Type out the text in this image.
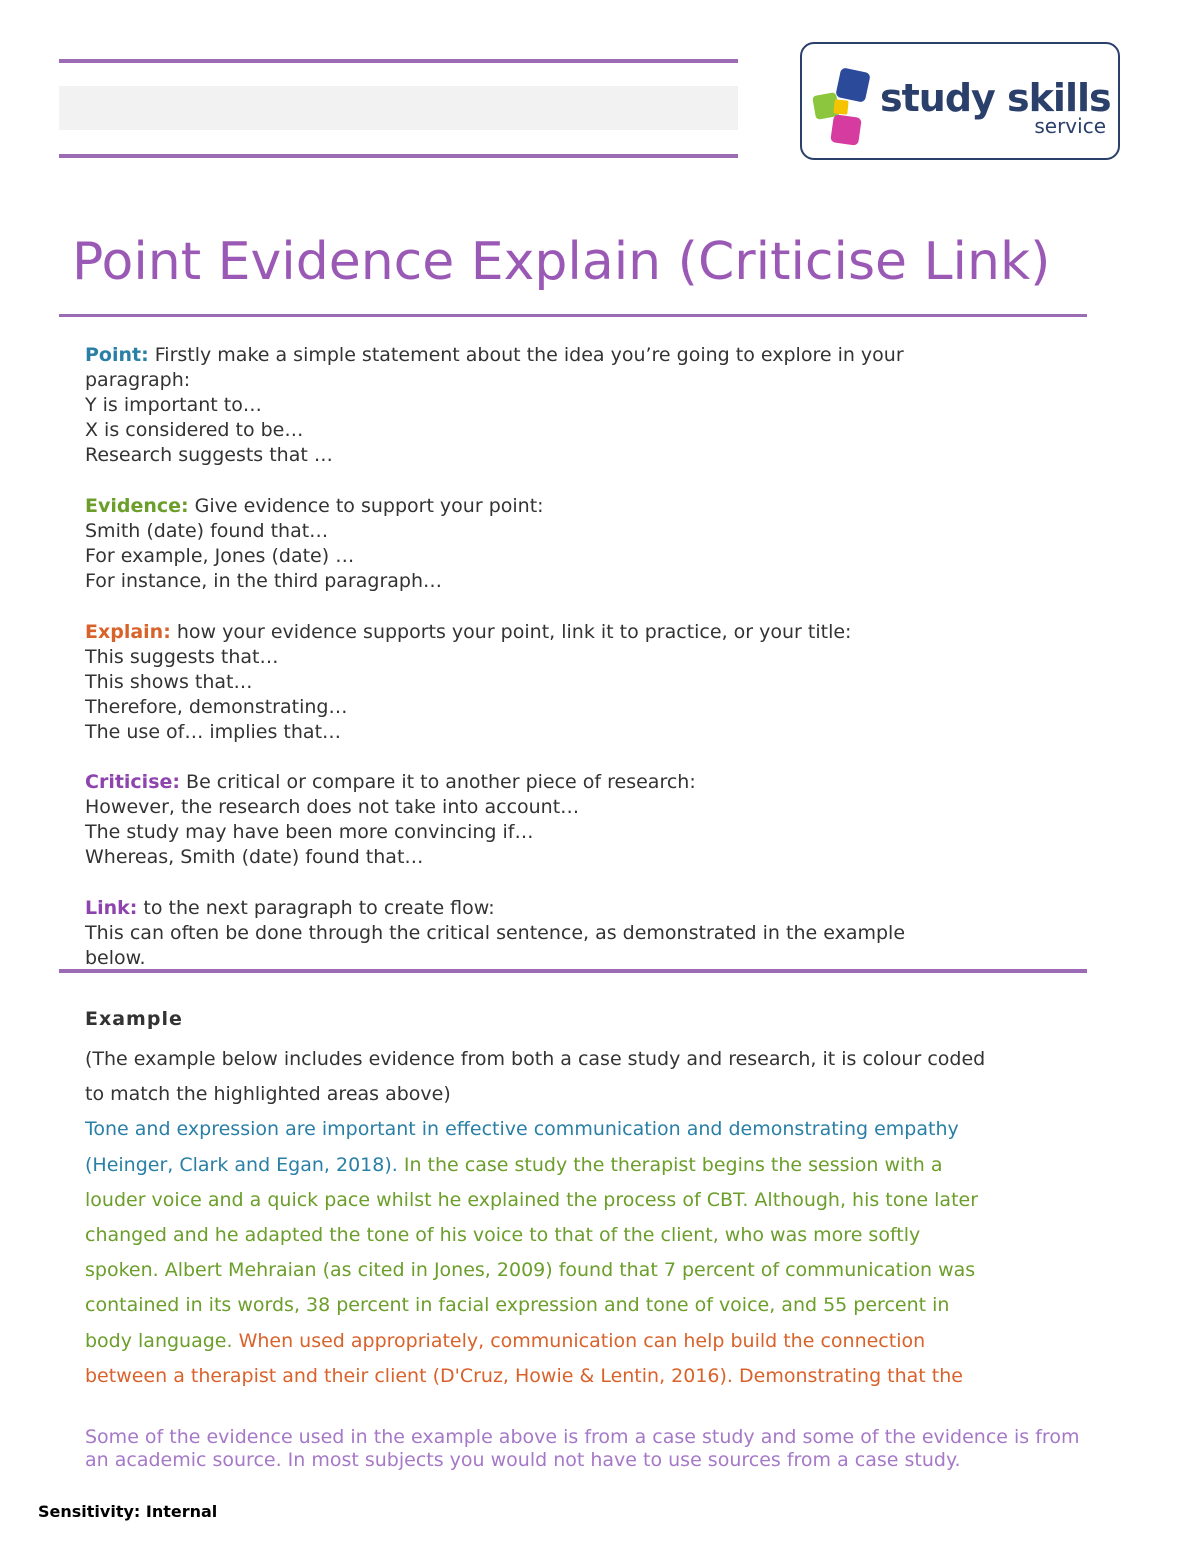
study skills
service
Point Evidence Explain (Criticise Link)
Point: Firstly make a simple statement about the idea you’re going to explore in your
paragraph:
Y is important to…
X is considered to be…
Research suggests that …
Evidence: Give evidence to support your point:
Smith (date) found that…
For example, Jones (date) …
For instance, in the third paragraph…
Explain: how your evidence supports your point, link it to practice, or your title:
This suggests that…
This shows that…
Therefore, demonstrating…
The use of… implies that…
Criticise: Be critical or compare it to another piece of research:
However, the research does not take into account…
The study may have been more convincing if…
Whereas, Smith (date) found that…
Link: to the next paragraph to create flow:
This can often be done through the critical sentence, as demonstrated in the example
below.
Example
(The example below includes evidence from both a case study and research, it is colour coded
to match the highlighted areas above)
Tone and expression are important in effective communication and demonstrating empathy
(Heinger, Clark and Egan, 2018). In the case study the therapist begins the session with a
louder voice and a quick pace whilst he explained the process of CBT. Although, his tone later
changed and he adapted the tone of his voice to that of the client, who was more softly
spoken. Albert Mehraian (as cited in Jones, 2009) found that 7 percent of communication was
contained in its words, 38 percent in facial expression and tone of voice, and 55 percent in
body language. When used appropriately, communication can help build the connection
between a therapist and their client (D'Cruz, Howie & Lentin, 2016). Demonstrating that the
Some of the evidence used in the example above is from a case study and some of the evidence is from
an academic source. In most subjects you would not have to use sources from a case study.
Sensitivity: Internal
